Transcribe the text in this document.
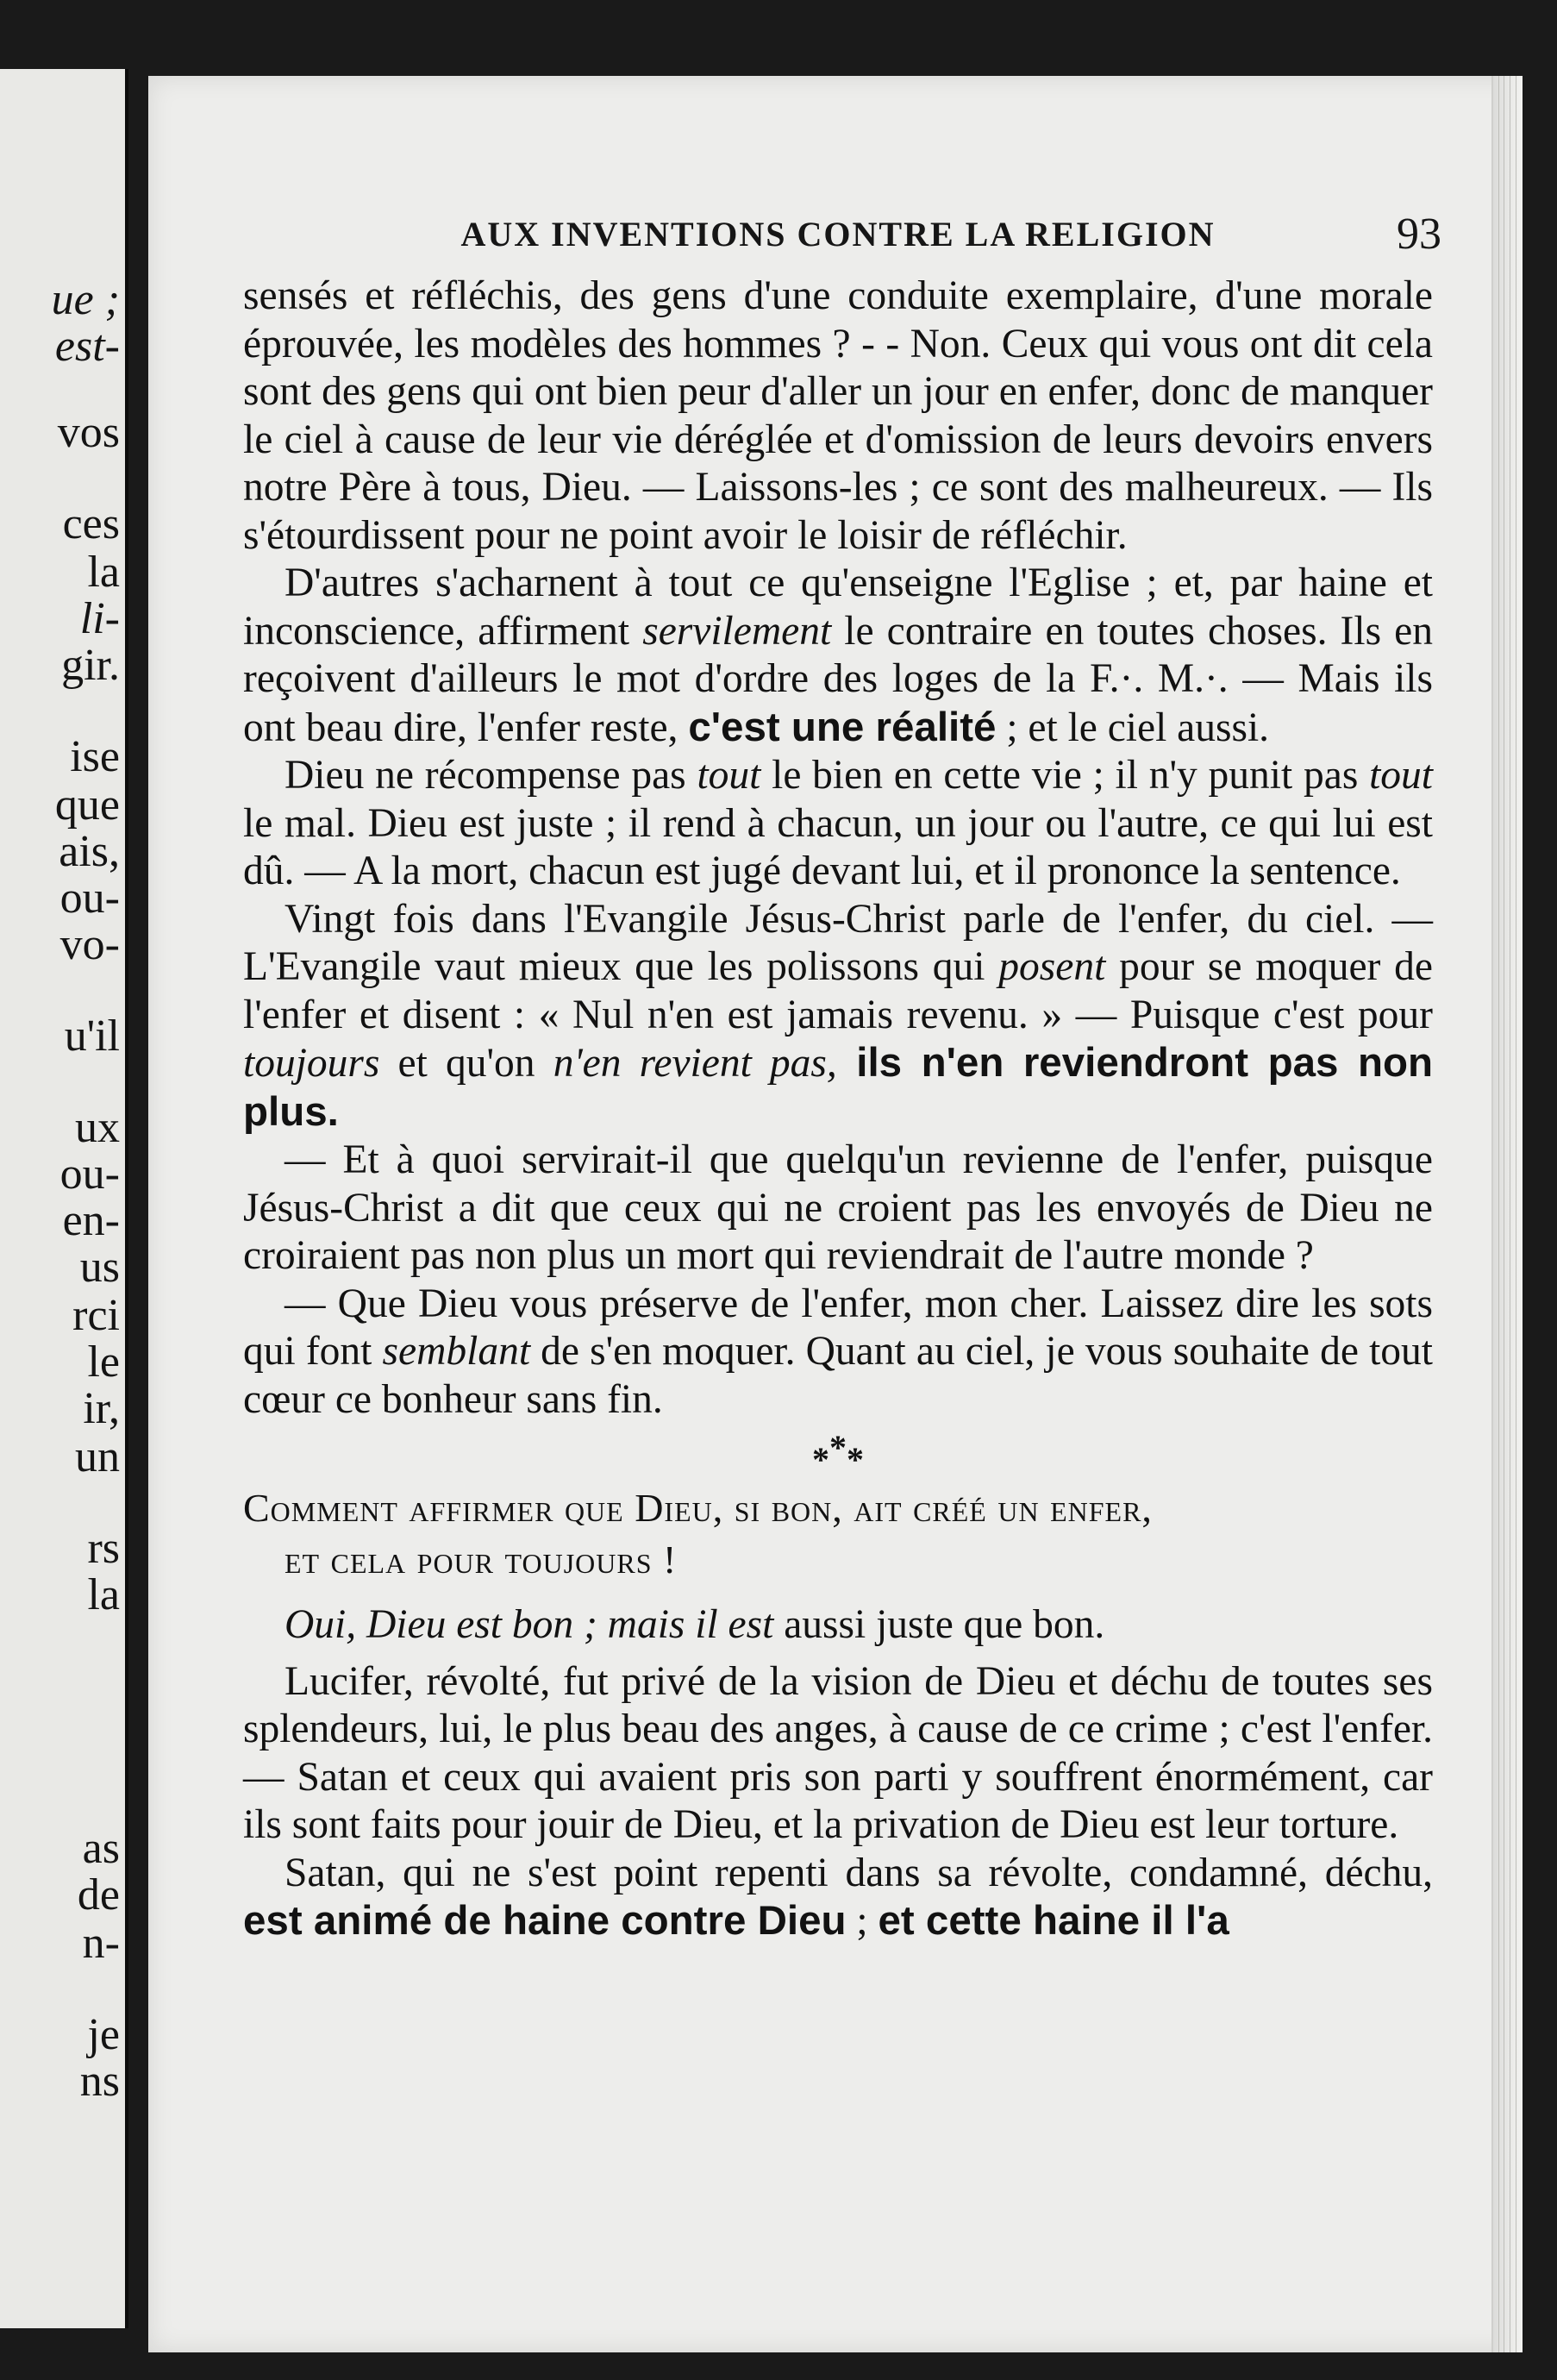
ue ;
est-
vos
ces
la
li-
gir.
ise
que
ais,
ou-
vo-
u'il
ux
ou-
en-
us
rci
le
ir,
un
rs
la
as
de
n-
je
ns
AUX INVENTIONS CONTRE LA RELIGION	93

sensés et réfléchis, des gens d'une conduite exemplaire, d'une morale éprouvée, les modèles des hommes ? - - Non. Ceux qui vous ont dit cela sont des gens qui ont bien peur d'aller un jour en enfer, donc de manquer le ciel à cause de leur vie déréglée et d'omission de leurs devoirs envers notre Père à tous, Dieu. — Laissons-les ; ce sont des malheureux. — Ils s'étourdissent pour ne point avoir le loisir de réfléchir.

D'autres s'acharnent à tout ce qu'enseigne l'Eglise ; et, par haine et inconscience, affirment servilement le contraire en toutes choses. Ils en reçoivent d'ailleurs le mot d'ordre des loges de la F.·. M.·. — Mais ils ont beau dire, l'enfer reste, c'est une réalité ; et le ciel aussi.

Dieu ne récompense pas tout le bien en cette vie ; il n'y punit pas tout le mal. Dieu est juste ; il rend à chacun, un jour ou l'autre, ce qui lui est dû. — A la mort, chacun est jugé devant lui, et il prononce la sentence.

Vingt fois dans l'Evangile Jésus-Christ parle de l'enfer, du ciel. — L'Evangile vaut mieux que les polissons qui posent pour se moquer de l'enfer et disent : « Nul n'en est jamais revenu. » — Puisque c'est pour toujours et qu'on n'en revient pas, ils n'en reviendront pas non plus.

— Et à quoi servirait-il que quelqu'un revienne de l'enfer, puisque Jésus-Christ a dit que ceux qui ne croient pas les envoyés de Dieu ne croiraient pas non plus un mort qui reviendrait de l'autre monde ?

— Que Dieu vous préserve de l'enfer, mon cher. Laissez dire les sots qui font semblant de s'en moquer. Quant au ciel, je vous souhaite de tout cœur ce bonheur sans fin.

***
Comment affirmer que Dieu, si bon, ait créé un enfer,
et cela pour toujours !

Oui, Dieu est bon ; mais il est aussi juste que bon.

Lucifer, révolté, fut privé de la vision de Dieu et déchu de toutes ses splendeurs, lui, le plus beau des anges, à cause de ce crime ; c'est l'enfer. — Satan et ceux qui avaient pris son parti y souffrent énormément, car ils sont faits pour jouir de Dieu, et la privation de Dieu est leur torture.

Satan, qui ne s'est point repenti dans sa révolte, condamné, déchu, est animé de haine contre Dieu ; et cette haine il l'a
